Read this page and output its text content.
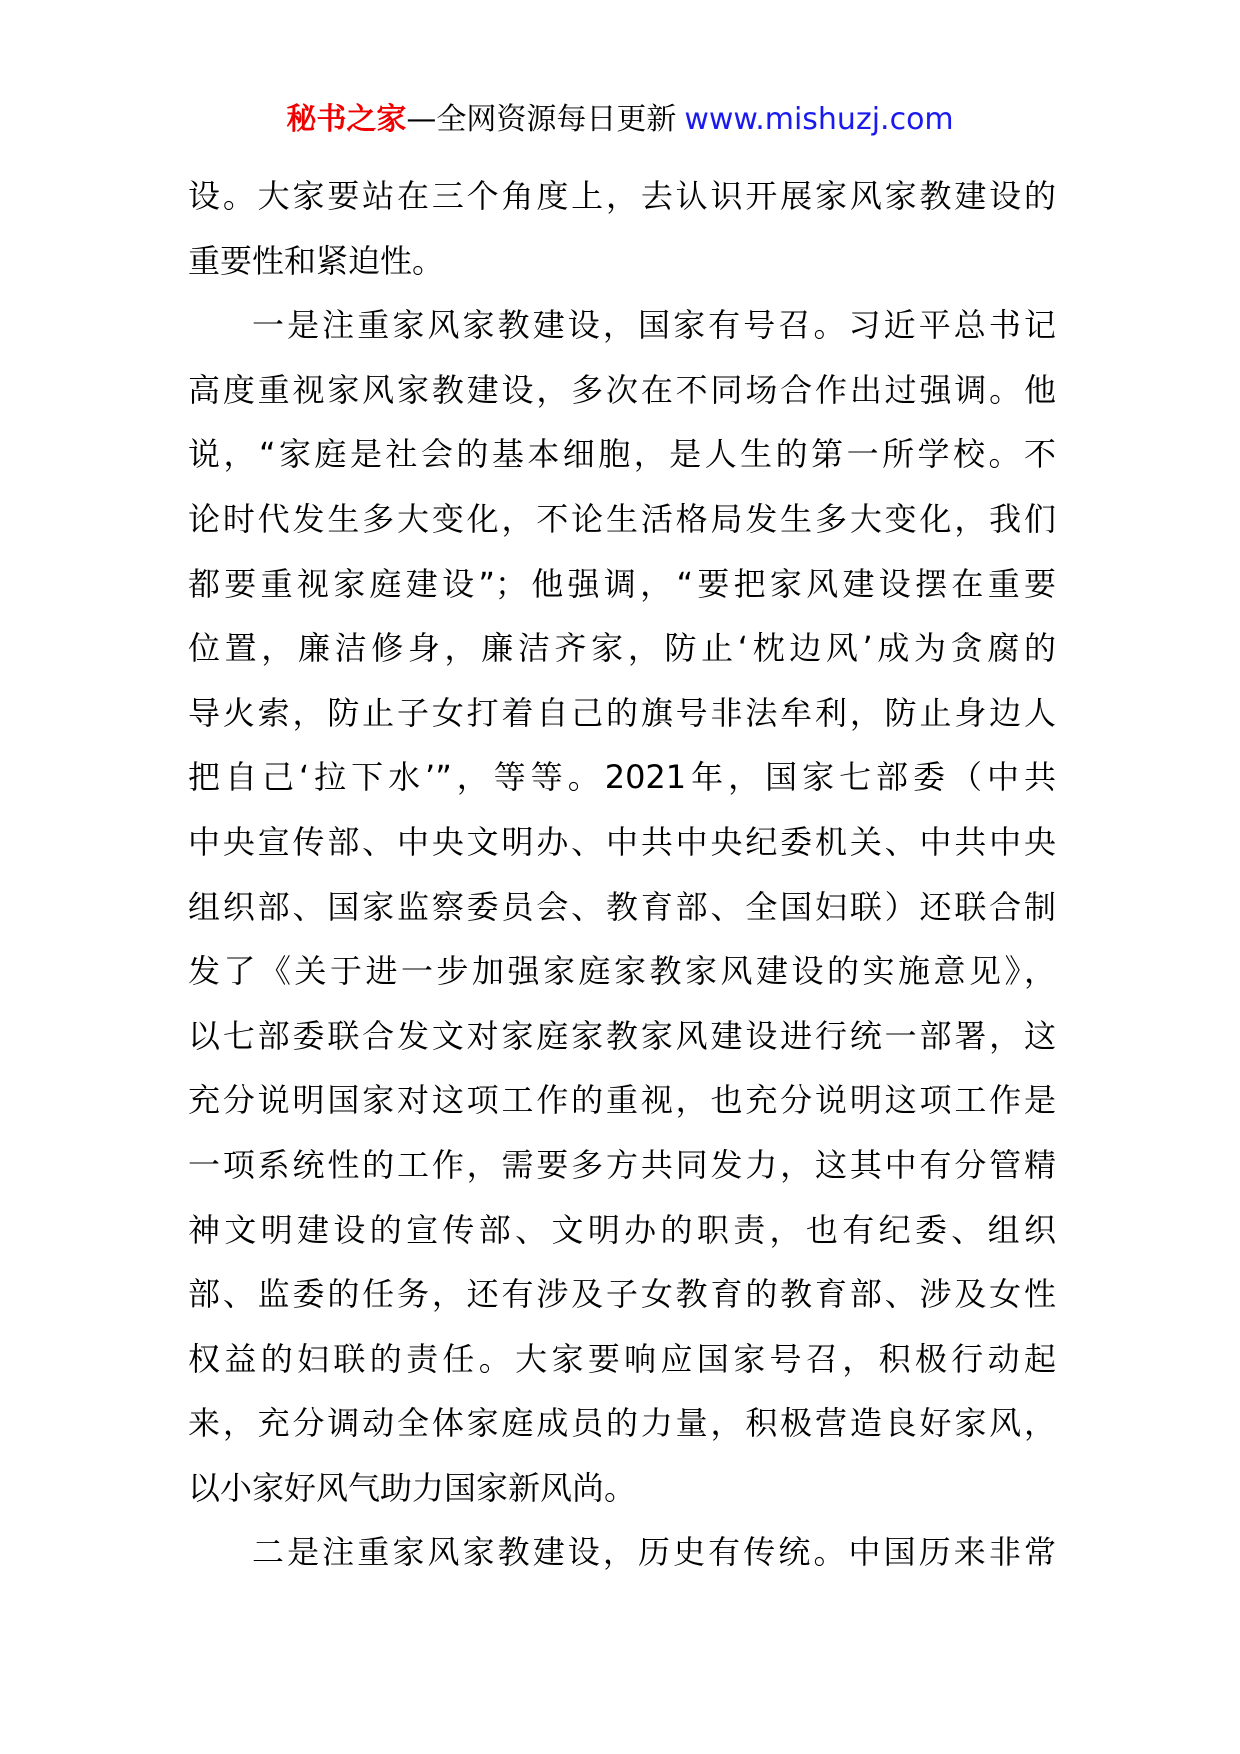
秘书之家—全网资源每日更新 www.mishuzj.com

设。大家要站在三个角度上，去认识开展家风家教建设的
重要性和紧迫性。

一是注重家风家教建设，国家有号召。习近平总书记
高度重视家风家教建设，多次在不同场合作出过强调。他
说，“家庭是社会的基本细胞，是人生的第一所学校。不
论时代发生多大变化，不论生活格局发生多大变化，我们
都要重视家庭建设”；他强调，“要把家风建设摆在重要
位置，廉洁修身，廉洁齐家，防止‘枕边风’成为贪腐的
导火索，防止子女打着自己的旗号非法牟利，防止身边人
把自己‘拉下水’”，等等。2021年，国家七部委（中共
中央宣传部、中央文明办、中共中央纪委机关、中共中央
组织部、国家监察委员会、教育部、全国妇联）还联合制
发了《关于进一步加强家庭家教家风建设的实施意见》，
以七部委联合发文对家庭家教家风建设进行统一部署，这
充分说明国家对这项工作的重视，也充分说明这项工作是
一项系统性的工作，需要多方共同发力，这其中有分管精
神文明建设的宣传部、文明办的职责，也有纪委、组织
部、监委的任务，还有涉及子女教育的教育部、涉及女性
权益的妇联的责任。大家要响应国家号召，积极行动起
来，充分调动全体家庭成员的力量，积极营造良好家风，
以小家好风气助力国家新风尚。

二是注重家风家教建设，历史有传统。中国历来非常
